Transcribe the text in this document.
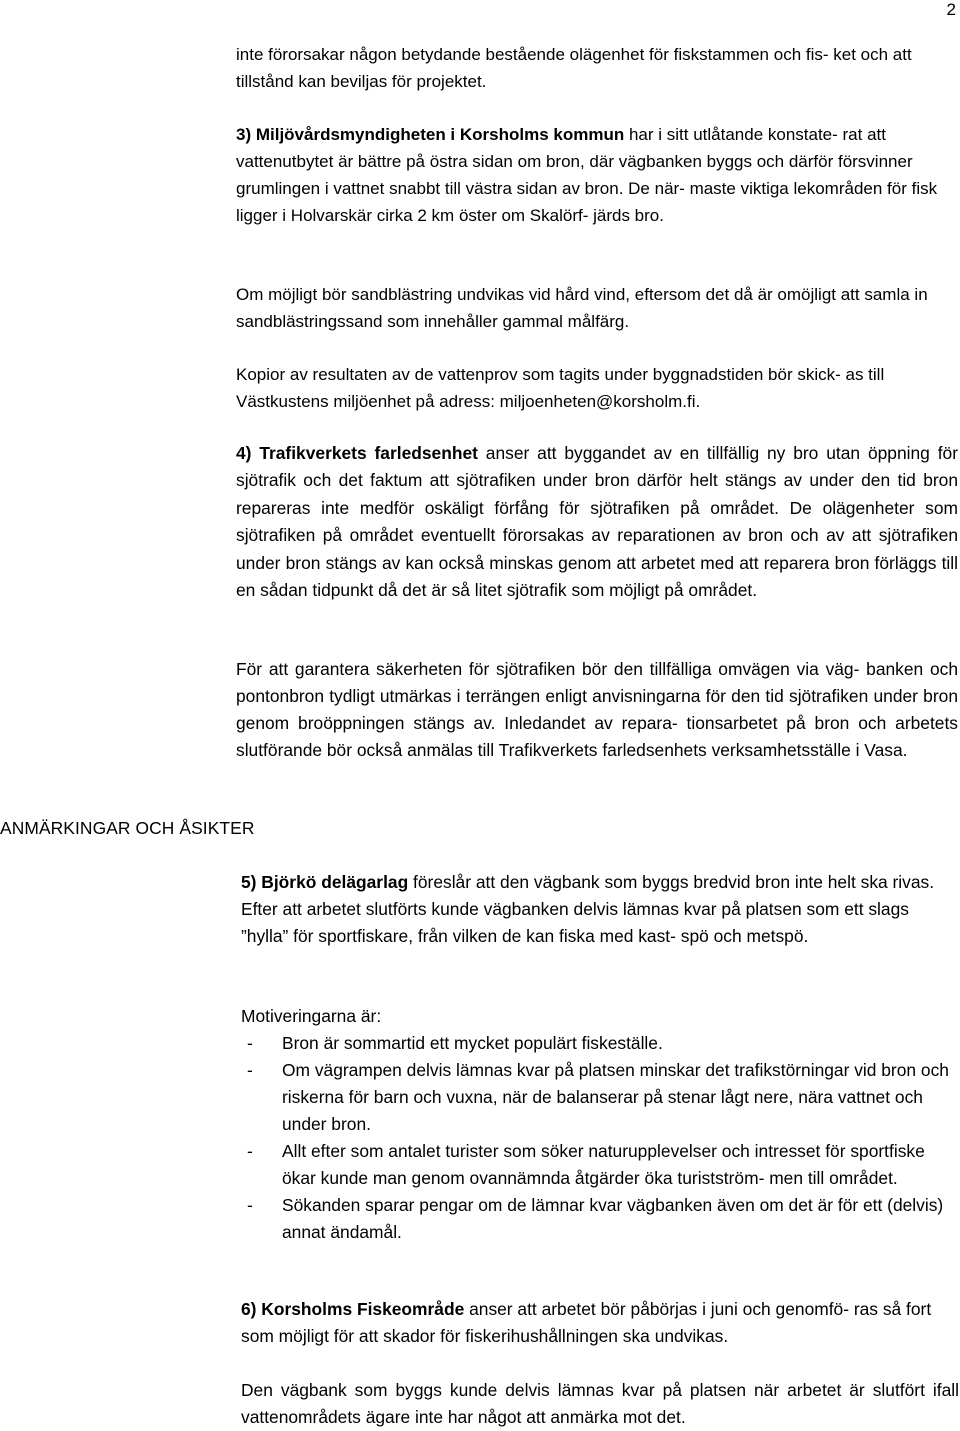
2

inte förorsakar någon betydande bestående olägenhet för fiskstammen och fis- ket och att tillstånd kan beviljas för projektet.

3) Miljövårdsmyndigheten i Korsholms kommun har i sitt utlåtande konstate- rat att vattenutbytet är bättre på östra sidan om bron, där vägbanken byggs och därför försvinner grumlingen i vattnet snabbt till västra sidan av bron. De när- maste viktiga lekområden för fisk ligger i Holvarskär cirka 2 km öster om Skalörf- järds bro.

Om möjligt bör sandblästring undvikas vid hård vind, eftersom det då är omöjligt att samla in sandblästringssand som innehåller gammal målfärg.

Kopior av resultaten av de vattenprov som tagits under byggnadstiden bör skick- as till Västkustens miljöenhet på adress: miljoenheten@korsholm.fi.

4) Trafikverkets farledsenhet anser att byggandet av en tillfällig ny bro utan öppning för sjötrafik och det faktum att sjötrafiken under bron därför helt stängs av under den tid bron repareras inte medför oskäligt förfång för sjötrafiken på området. De olägenheter som sjötrafiken på området eventuellt förorsakas av reparationen av bron och av att sjötrafiken under bron stängs av kan också minskas genom att arbetet med att reparera bron förläggs till en sådan tidpunkt då det är så litet sjötrafik som möjligt på området.

För att garantera säkerheten för sjötrafiken bör den tillfälliga omvägen via väg- banken och pontonbron tydligt utmärkas i terrängen enligt anvisningarna för den tid sjötrafiken under bron genom broöppningen stängs av. Inledandet av repara- tionsarbetet på bron och arbetets slutförande bör också anmälas till Trafikverkets farledsenhets verksamhetsställe i Vasa.

ANMÄRKINGAR OCH ÅSIKTER

5) Björkö delägarlag föreslår att den vägbank som byggs bredvid bron inte helt ska rivas. Efter att arbetet slutförts kunde vägbanken delvis lämnas kvar på platsen som ett slags ”hylla” för sportfiskare, från vilken de kan fiska med kast- spö och metspö.

Motiveringarna är:

- Bron är sommartid ett mycket populärt fiskeställe.
- Om vägrampen delvis lämnas kvar på platsen minskar det trafikstörningar vid bron och riskerna för barn och vuxna, när de balanserar på stenar lågt nere, nära vattnet och under bron.
- Allt efter som antalet turister som söker naturupplevelser och intresset för sportfiske ökar kunde man genom ovannämnda åtgärder öka turistström- men till området.
- Sökanden sparar pengar om de lämnar kvar vägbanken även om det är för ett (delvis) annat ändamål.

6) Korsholms Fiskeområde anser att arbetet bör påbörjas i juni och genomfö- ras så fort som möjligt för att skador för fiskerihushållningen ska undvikas.

Den vägbank som byggs kunde delvis lämnas kvar på platsen när arbetet är slutfört ifall vattenområdets ägare inte har något att anmärka mot det.
